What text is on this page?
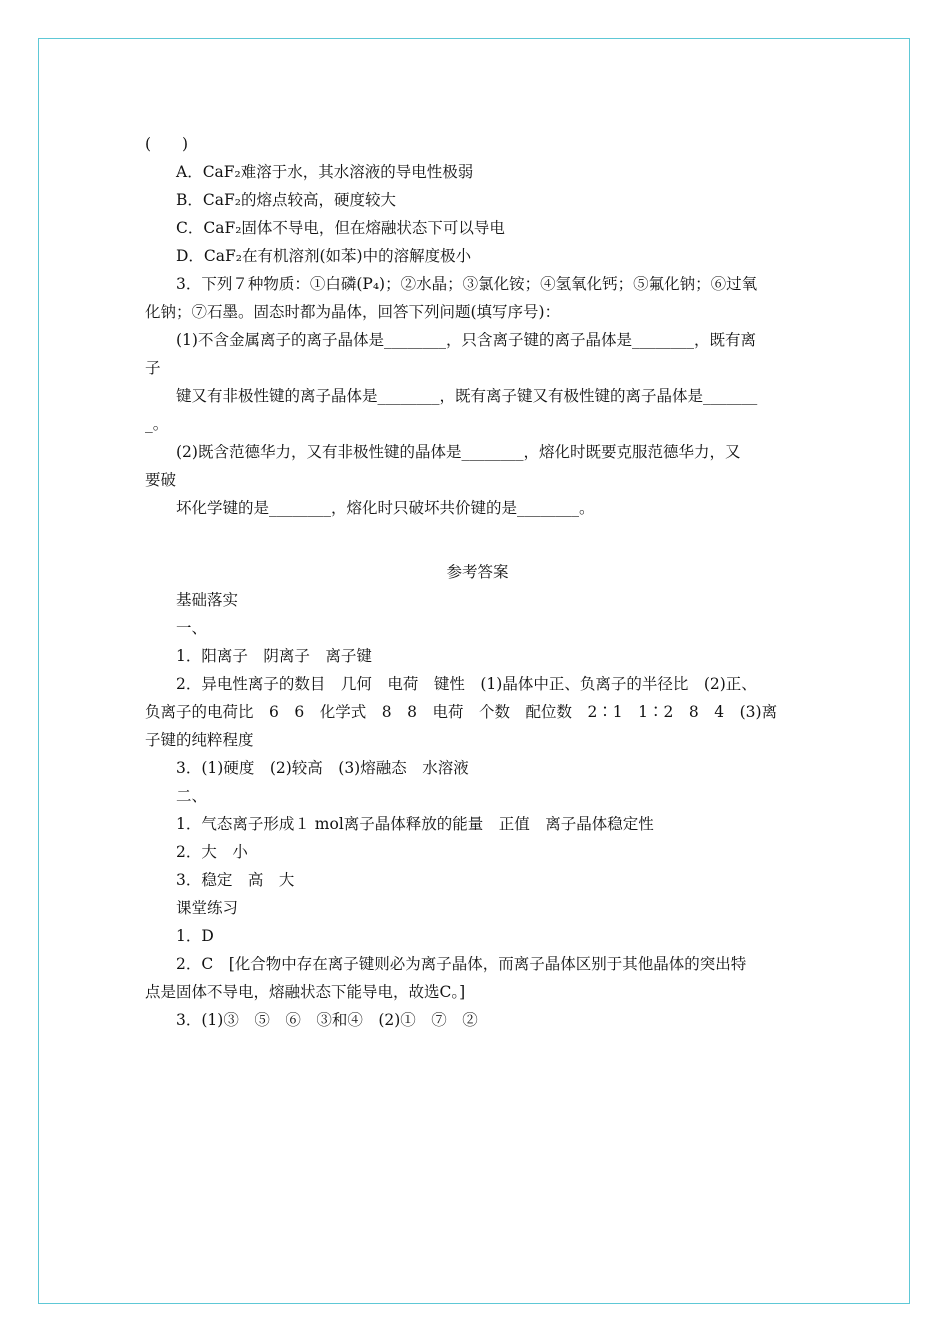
(　　)

A．CaF₂难溶于水，其水溶液的导电性极弱

B．CaF₂的熔点较高，硬度较大

C．CaF₂固体不导电，但在熔融状态下可以导电

D．CaF₂在有机溶剂(如苯)中的溶解度极小

3．下列７种物质：①白磷(P₄)；②水晶；③氯化铵；④氢氧化钙；⑤氟化钠；⑥过氧

化钠；⑦石墨。固态时都为晶体，回答下列问题(填写序号)：

(1)不含金属离子的离子晶体是________，只含离子键的离子晶体是________，既有离

子

键又有非极性键的离子晶体是________，既有离子键又有极性键的离子晶体是_______

_。

(2)既含范德华力，又有非极性键的晶体是________，熔化时既要克服范德华力，又

要破

坏化学键的是________，熔化时只破坏共价键的是________。

参考答案

基础落实

一、

1．阳离子　阴离子　离子键

2．异电性离子的数目　几何　电荷　键性　(1)晶体中正、负离子的半径比　(2)正、

负离子的电荷比　6　6　化学式　8　8　电荷　个数　配位数　2∶1　1∶2　8　4　(3)离

子键的纯粹程度

3．(1)硬度　(2)较高　(3)熔融态　水溶液

二、

1．气态离子形成１ mol离子晶体释放的能量　正值　离子晶体稳定性

2．大　小

3．稳定　高　大

课堂练习

1．D

2．C　[化合物中存在离子键则必为离子晶体，而离子晶体区别于其他晶体的突出特

点是固体不导电，熔融状态下能导电，故选C。]

3．(1)③　⑤　⑥　③和④　(2)①　⑦　②
